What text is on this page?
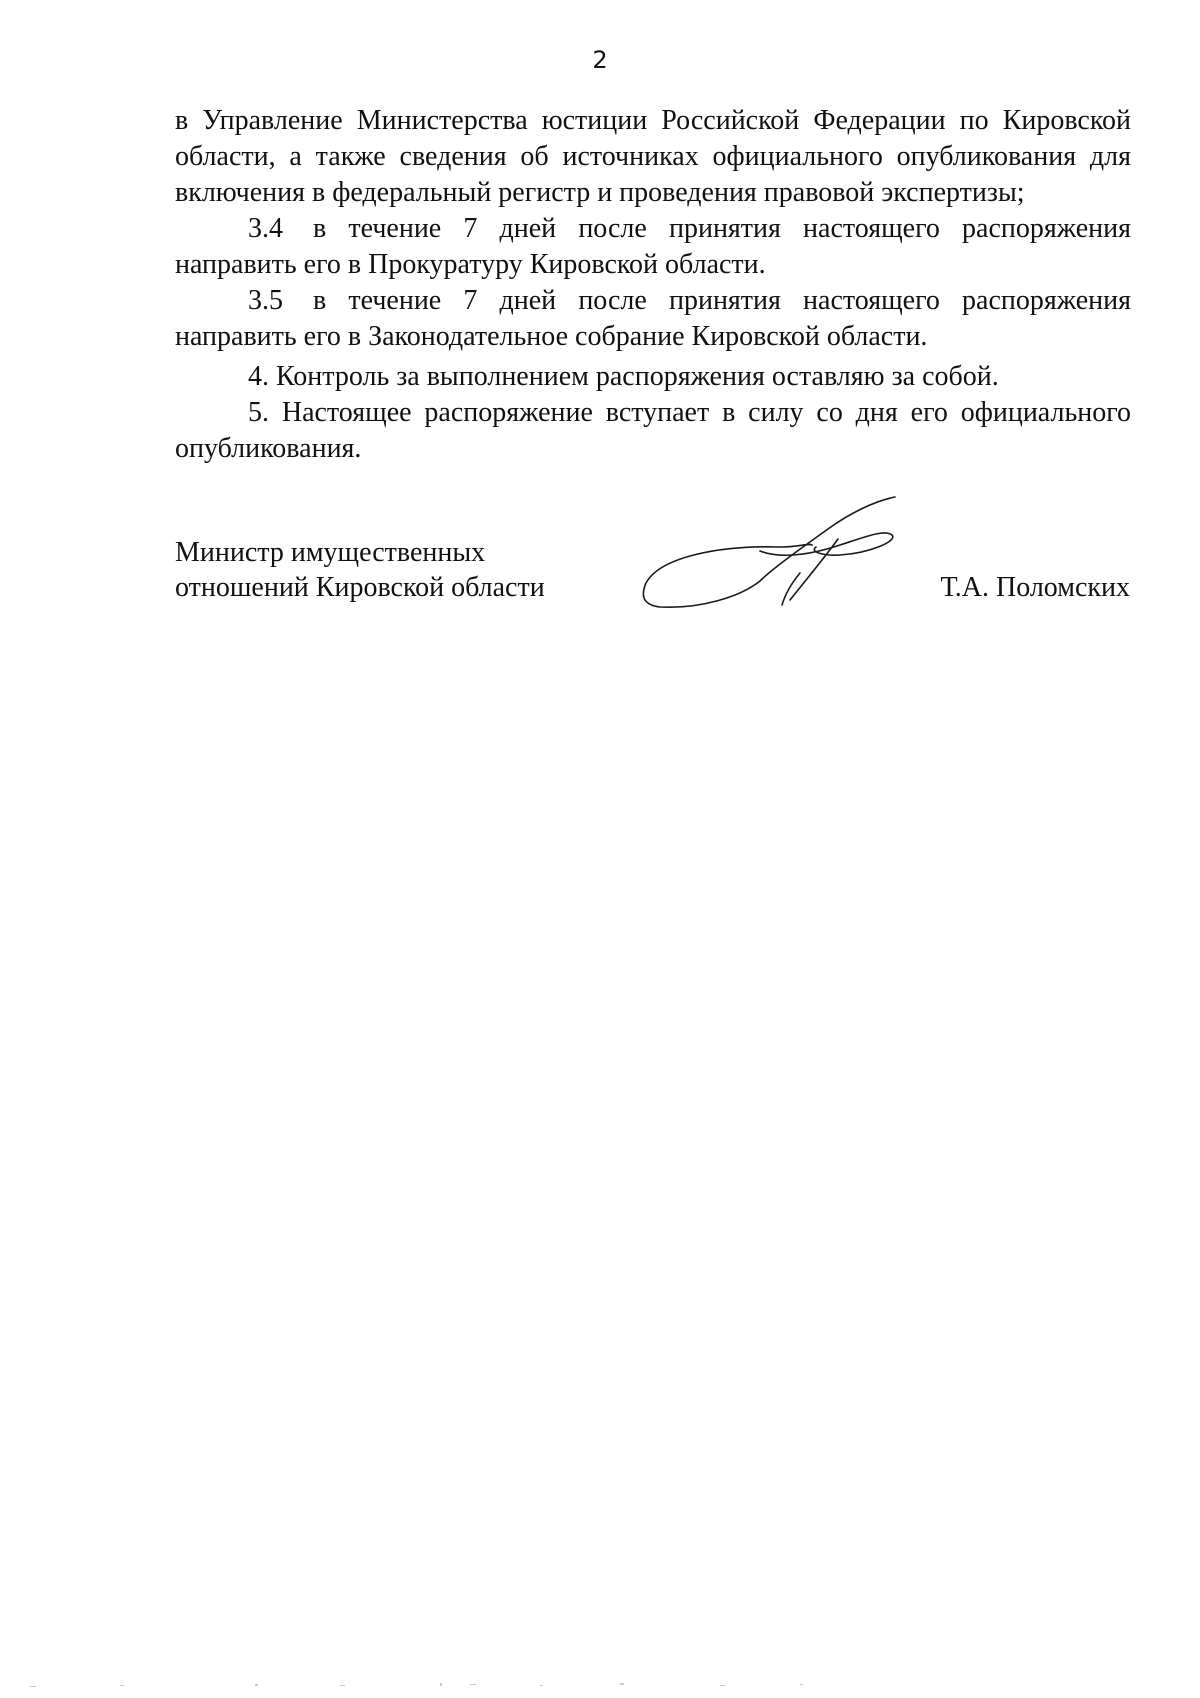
2

в Управление Министерства юстиции Российской Федерации по Кировской области, а также сведения об источниках официального опубликования для включения в федеральный регистр и проведения правовой экспертизы;

3.4 в течение 7 дней после принятия настоящего распоряжения направить его в Прокуратуру Кировской области.

3.5 в течение 7 дней после принятия настоящего распоряжения направить его в Законодательное собрание Кировской области.

4. Контроль за выполнением распоряжения оставляю за собой.

5. Настоящее распоряжение вступает в силу со дня его официального опубликования.

Министр имущественных
отношений Кировской области	Т.А. Поломских
